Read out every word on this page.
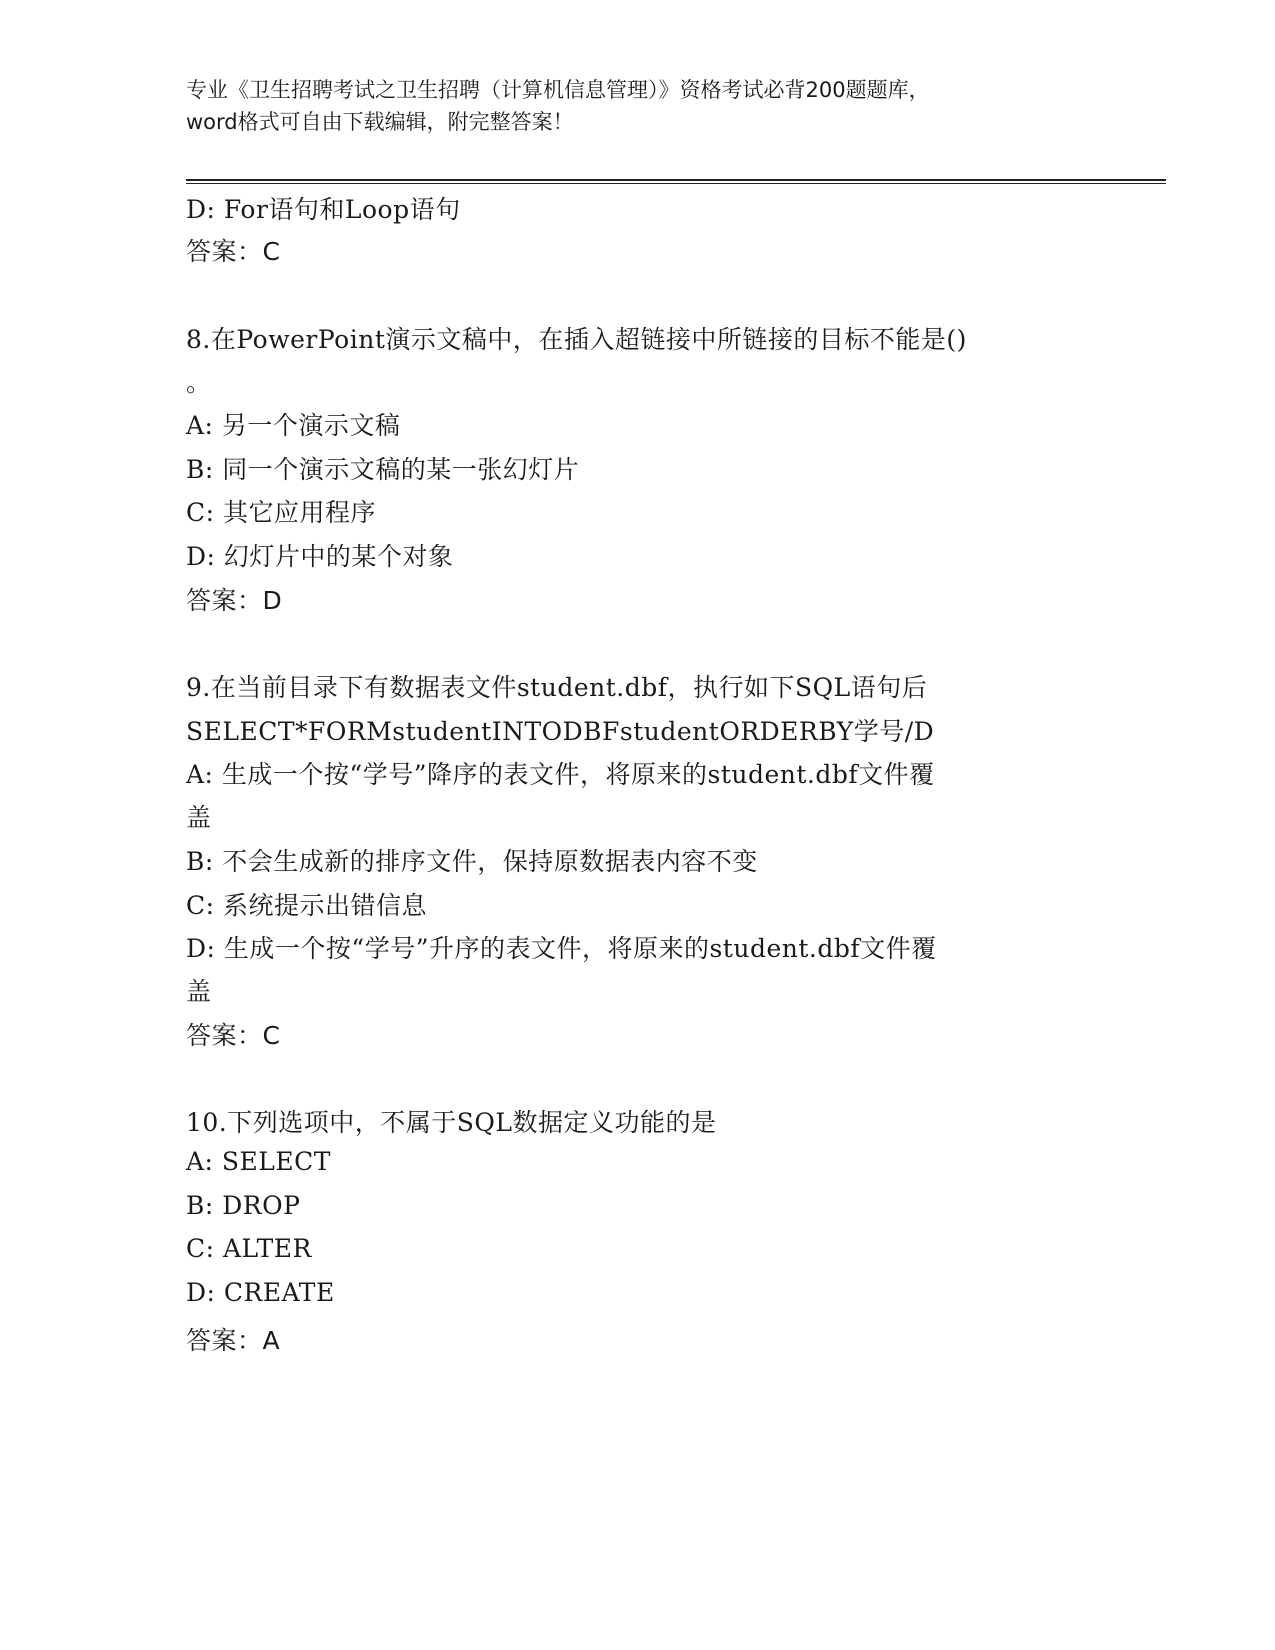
专业《卫生招聘考试之卫生招聘（计算机信息管理）》资格考试必背200题题库，
word格式可自由下载编辑，附完整答案！
D: For语句和Loop语句
答案：C
8.在PowerPoint演示文稿中，在插入超链接中所链接的目标不能是()
。
A: 另一个演示文稿
B: 同一个演示文稿的某一张幻灯片
C: 其它应用程序
D: 幻灯片中的某个对象
答案：D
9.在当前目录下有数据表文件student.dbf，执行如下SQL语句后
SELECT*FORMstudentINTODBFstudentORDERBY学号/D
A: 生成一个按“学号”降序的表文件，将原来的student.dbf文件覆
盖
B: 不会生成新的排序文件，保持原数据表内容不变
C: 系统提示出错信息
D: 生成一个按“学号”升序的表文件，将原来的student.dbf文件覆
盖
答案：C
10.下列选项中，不属于SQL数据定义功能的是
A: SELECT
B: DROP
C: ALTER
D: CREATE
答案：A
